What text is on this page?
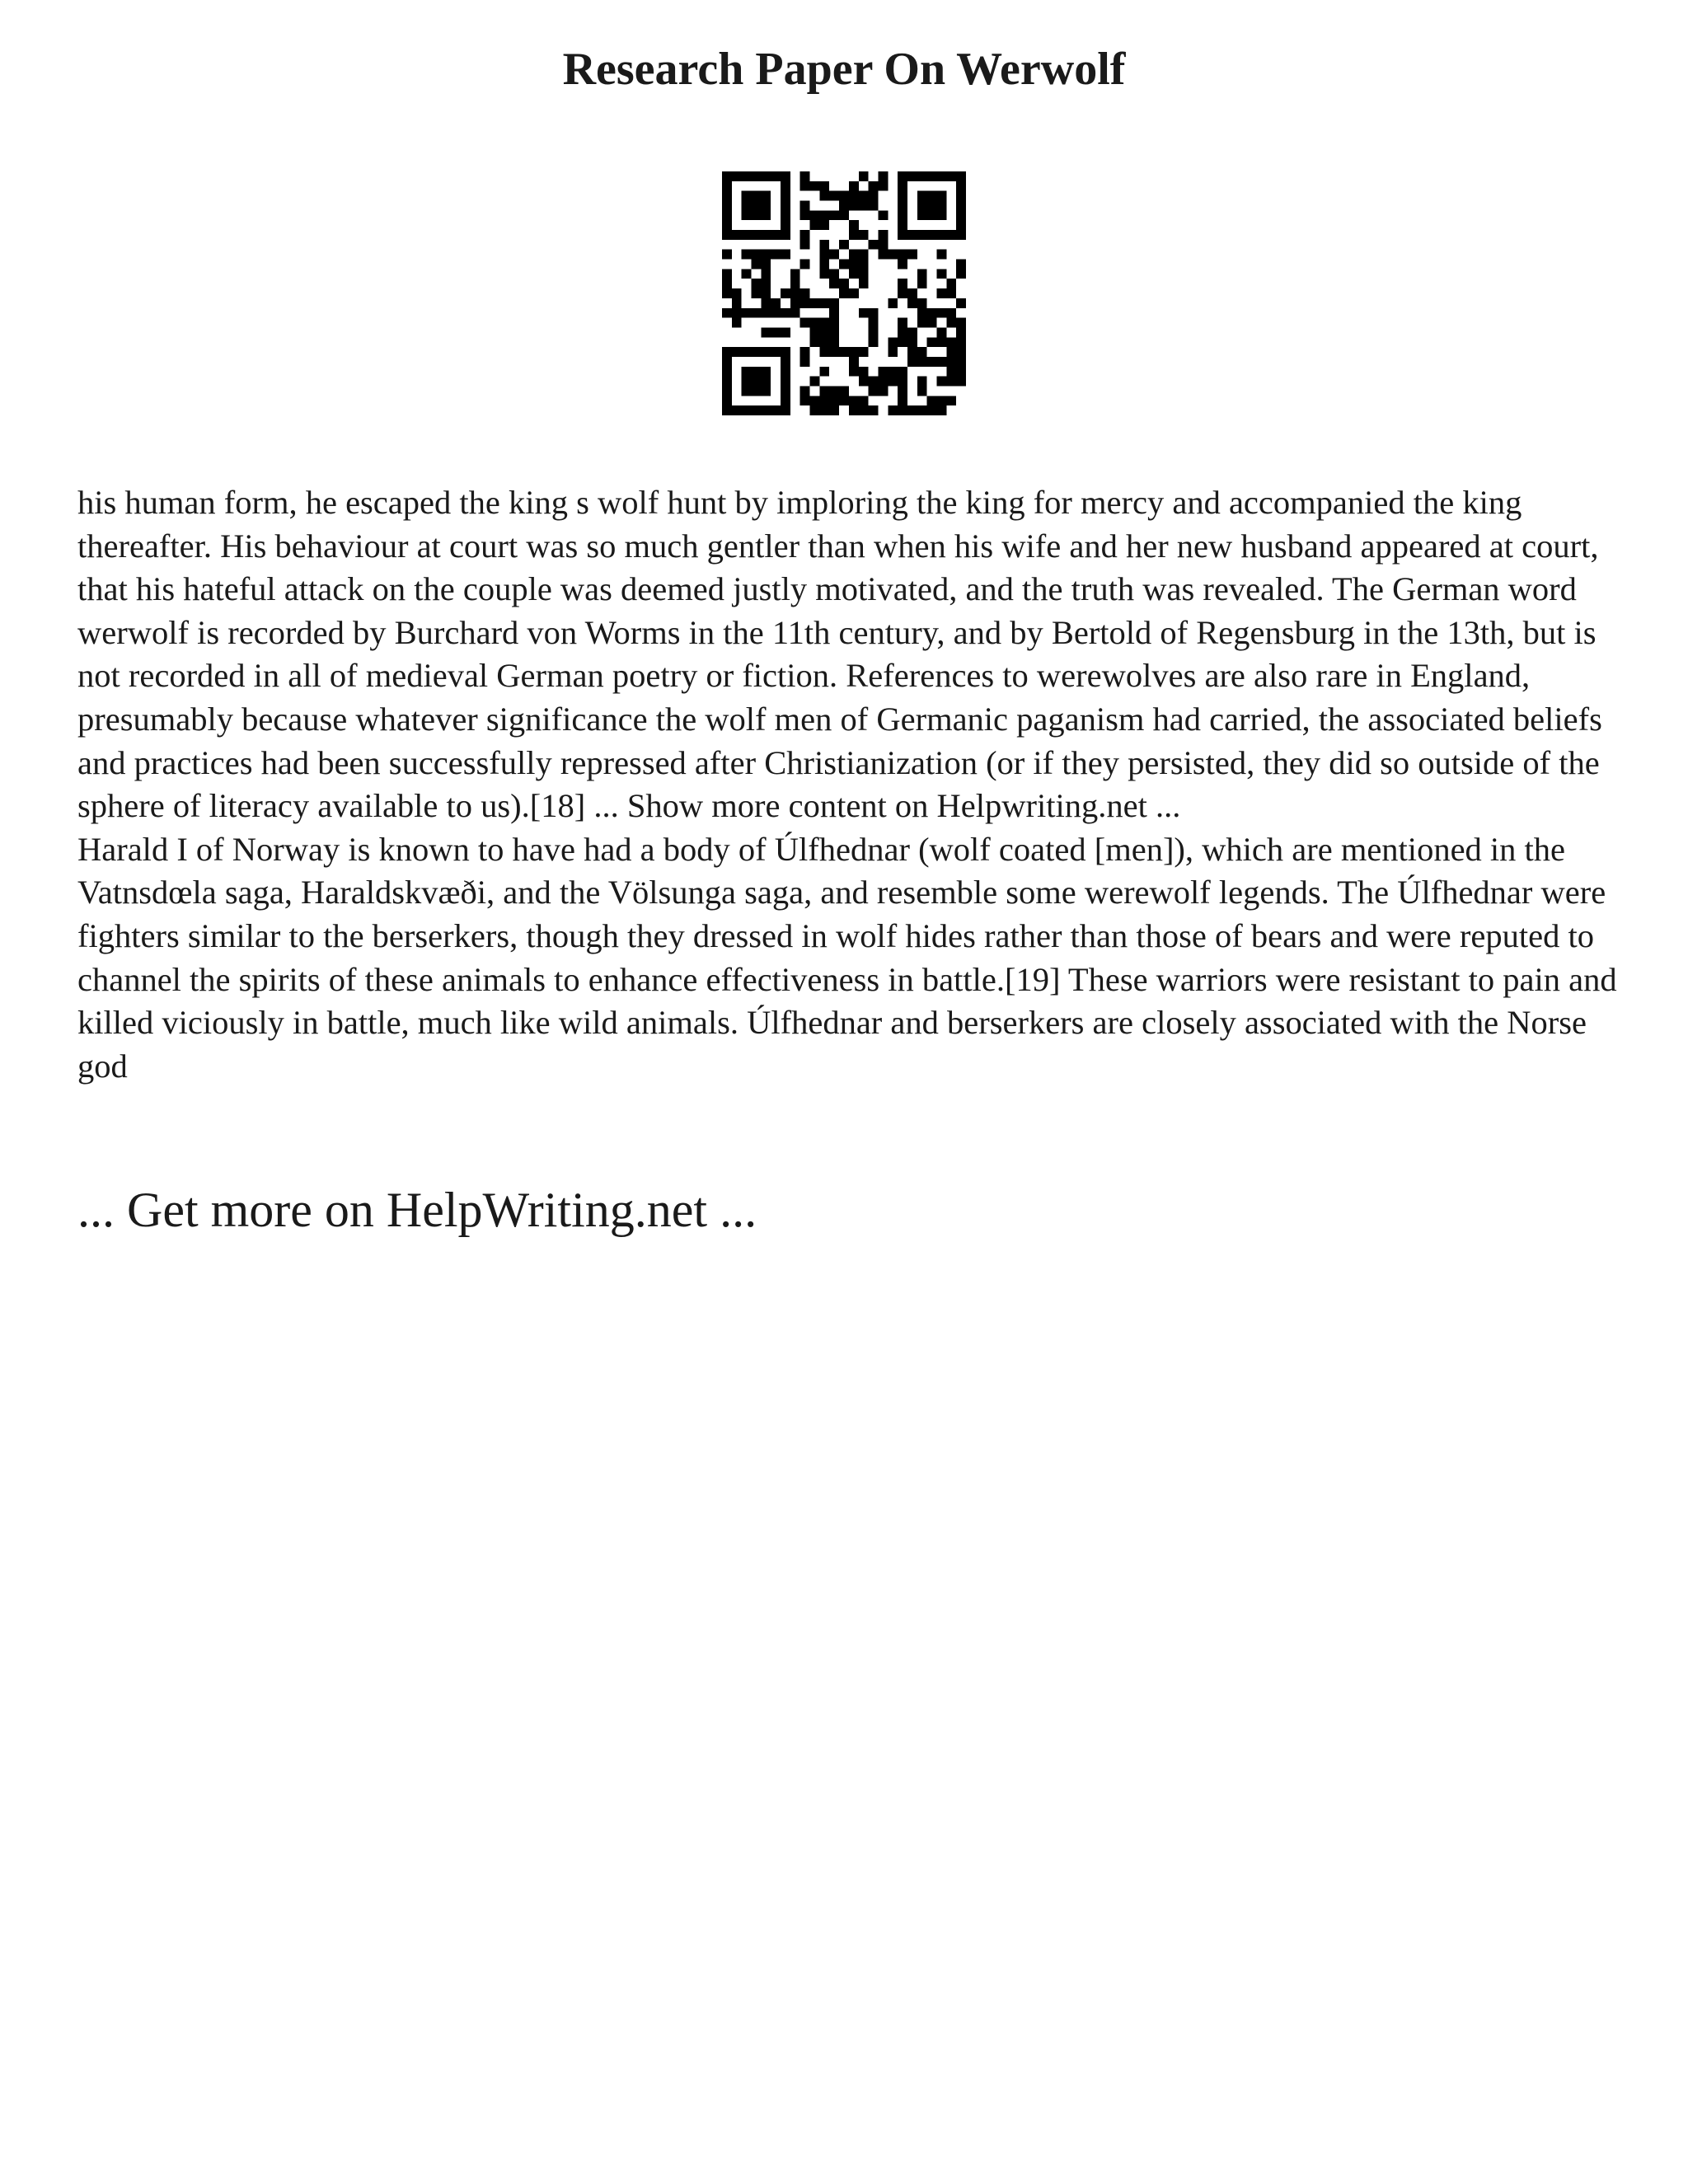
Research Paper On Werwolf

his human form, he escaped the king s wolf hunt by imploring the king for mercy and accompanied the king thereafter. His behaviour at court was so much gentler than when his wife and her new husband appeared at court, that his hateful attack on the couple was deemed justly motivated, and the truth was revealed. The German word werwolf is recorded by Burchard von Worms in the 11th century, and by Bertold of Regensburg in the 13th, but is not recorded in all of medieval German poetry or fiction. References to werewolves are also rare in England, presumably because whatever significance the wolf men of Germanic paganism had carried, the associated beliefs and practices had been successfully repressed after Christianization (or if they persisted, they did so outside of the sphere of literacy available to us).[18] ... Show more content on Helpwriting.net ...

Harald I of Norway is known to have had a body of Úlfhednar (wolf coated [men]), which are mentioned in the Vatnsdœla saga, Haraldskvæði, and the Völsunga saga, and resemble some werewolf legends. The Úlfhednar were fighters similar to the berserkers, though they dressed in wolf hides rather than those of bears and were reputed to channel the spirits of these animals to enhance effectiveness in battle.[19] These warriors were resistant to pain and killed viciously in battle, much like wild animals. Úlfhednar and berserkers are closely associated with the Norse god

... Get more on HelpWriting.net ...
